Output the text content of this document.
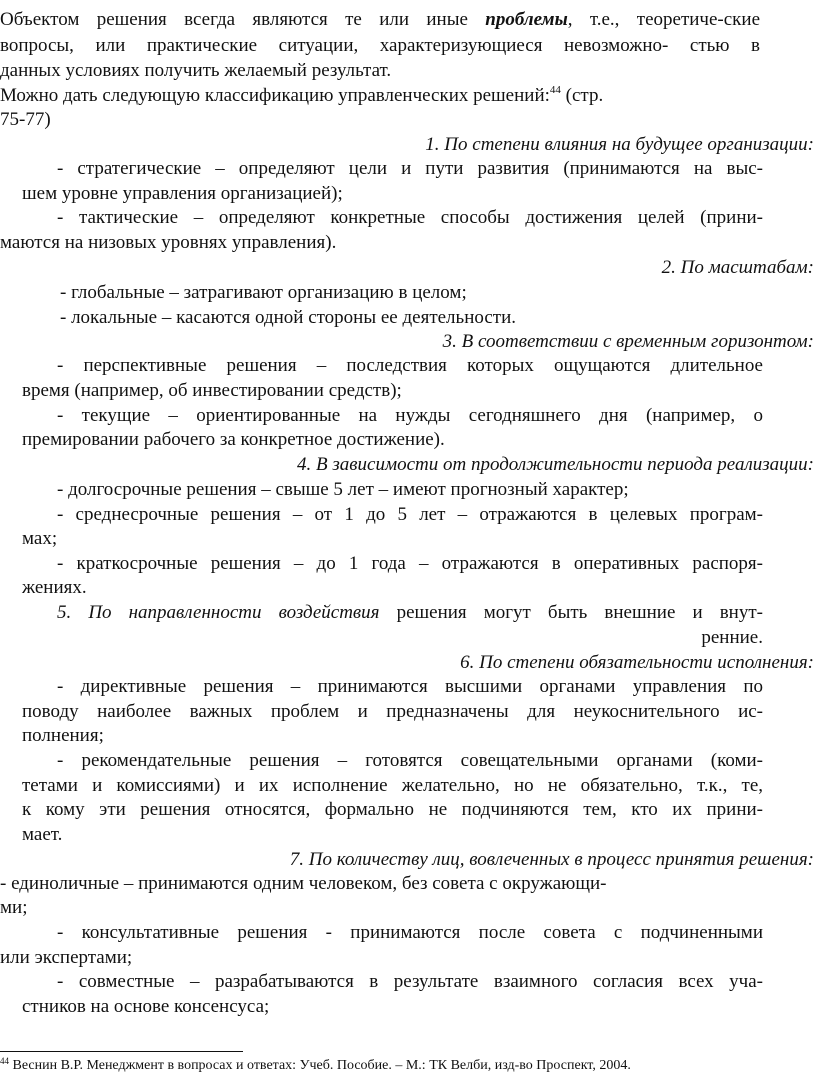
Объектом решения всегда являются те или иные проблемы, т.е., теоретиче-ские
вопросы, или практические ситуации, характеризующиеся невозможно- стью в
данных условиях получить желаемый результат.
Можно дать следующую классификацию управленческих решений:$^{44}$ (стр.
75-77)
1. По степени влияния на будущее организации:
- стратегические – определяют цели и пути развития (принимаются на выс-
шем уровне управления организацией);
- тактические – определяют конкретные способы достижения целей (прини-
маются на низовых уровнях управления).
2. По масштабам:
- глобальные – затрагивают организацию в целом;
- локальные – касаются одной стороны ее деятельности.
3. В соответствии с временным горизонтом:
- перспективные решения – последствия которых ощущаются длительное
время (например, об инвестировании средств);
- текущие – ориентированные на нужды сегодняшнего дня (например, о
премировании рабочего за конкретное достижение).
4. В зависимости от продолжительности периода реализации:
- долгосрочные решения – свыше 5 лет – имеют прогнозный характер;
- среднесрочные решения – от 1 до 5 лет – отражаются в целевых програм-
мах;
- краткосрочные решения – до 1 года – отражаются в оперативных распоря-
жениях.
5. По направленности воздействия решения могут быть внешние и внут-
ренние.
6. По степени обязательности исполнения:
- директивные решения – принимаются высшими органами управления по
поводу наиболее важных проблем и предназначены для неукоснительного ис-
полнения;
- рекомендательные решения – готовятся совещательными органами (коми-
тетами и комиссиями) и их исполнение желательно, но не обязательно, т.к., те,
к кому эти решения относятся, формально не подчиняются тем, кто их прини-
мает.
7. По количеству лиц, вовлеченных в процесс принятия решения:
- единоличные – принимаются одним человеком, без совета с окружающи-
ми;
- консультативные решения - принимаются после совета с подчиненными
или экспертами;
- совместные – разрабатываются в результате взаимного согласия всех уча-
стников на основе консенсуса;
$^{44}$ Веснин В.Р. Менеджмент в вопросах и ответах: Учеб. Пособие. – М.: ТК Велби, изд-во Проспект, 2004.
